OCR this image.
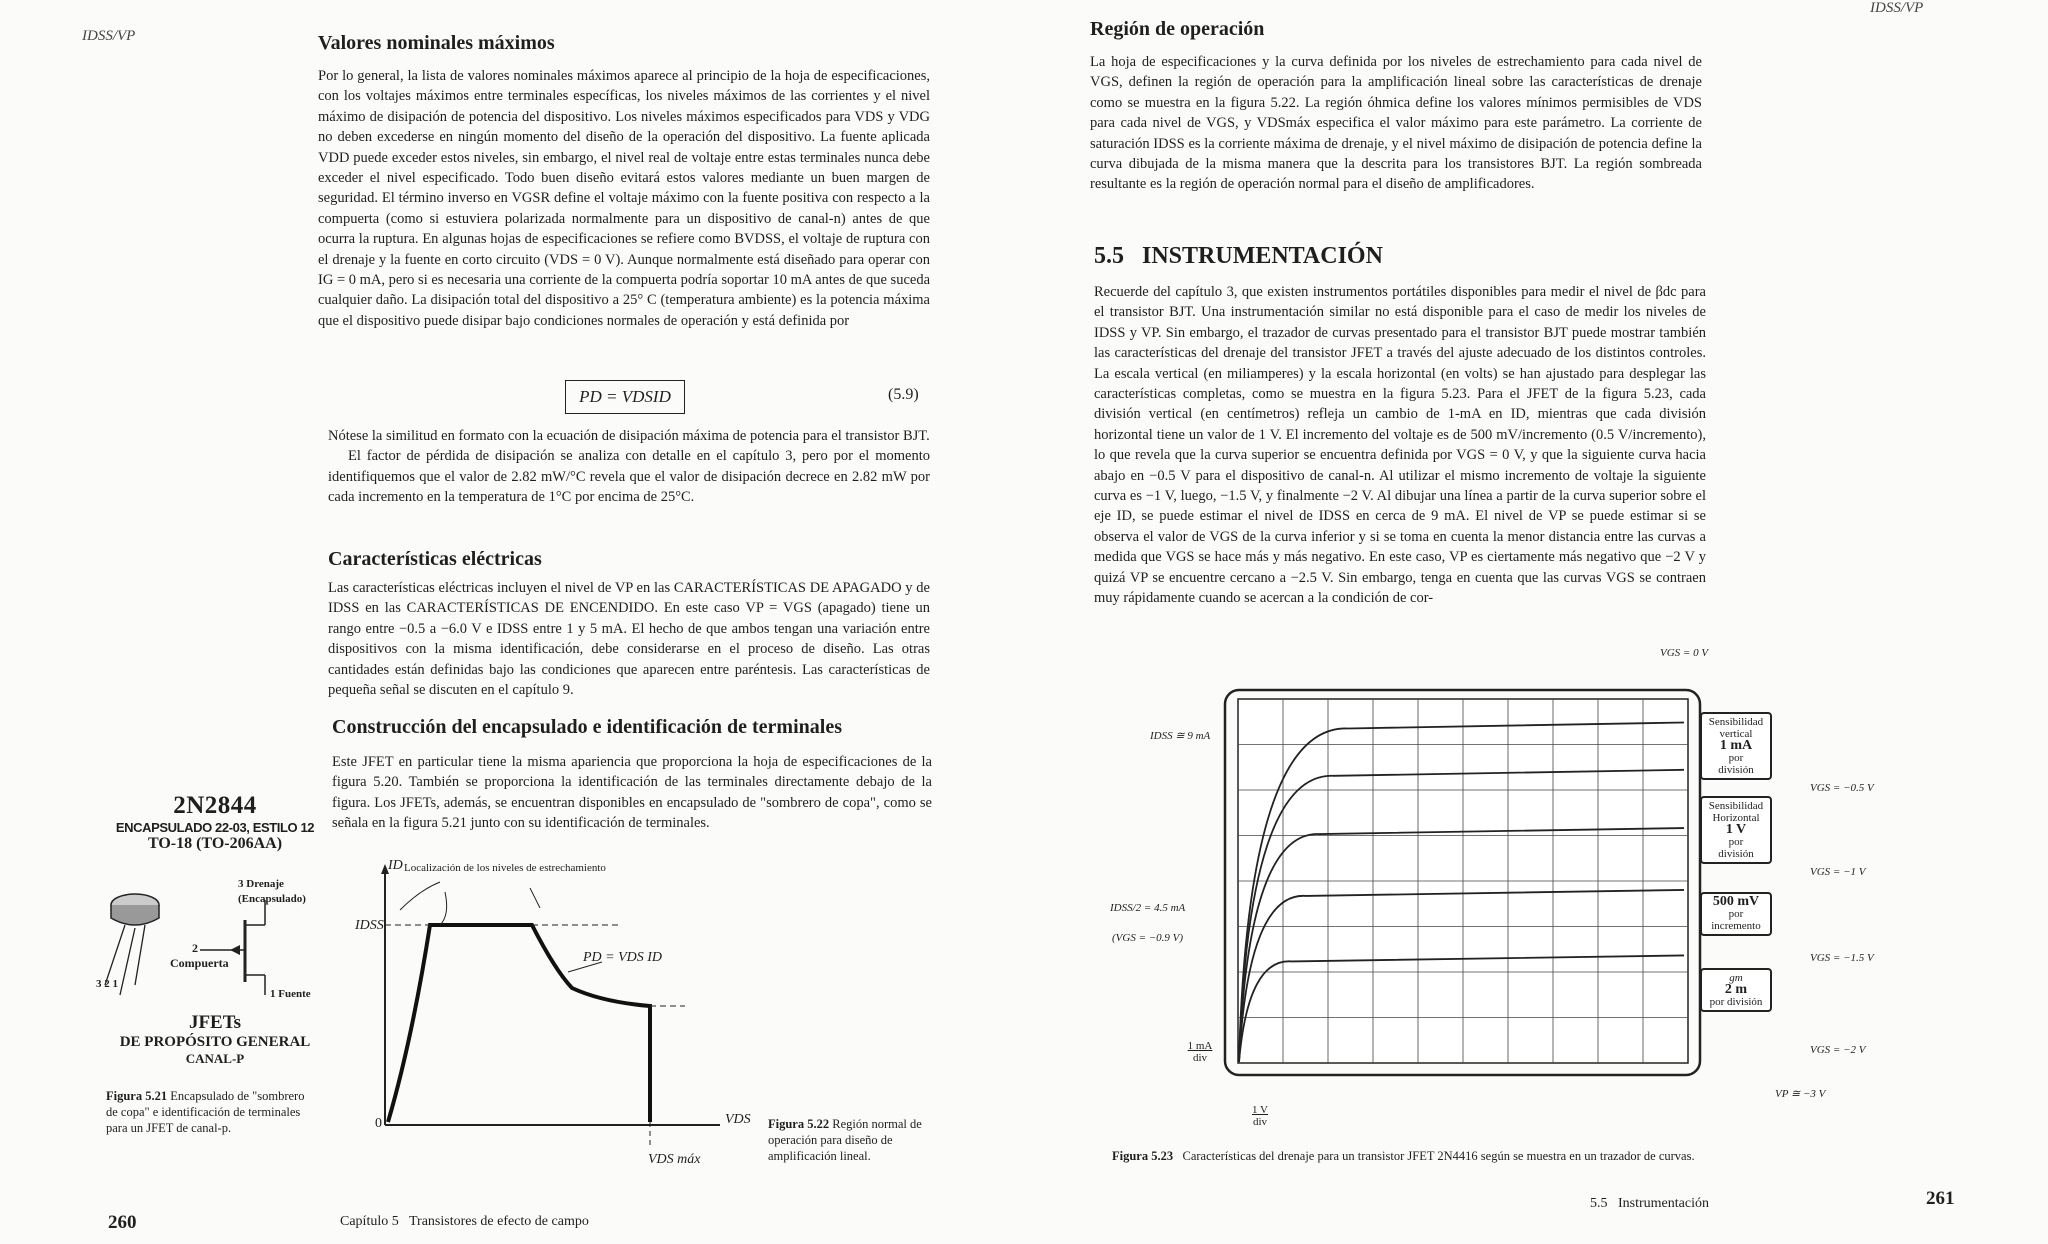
IDSS/VP	Valores nominales máximos

Por lo general, la lista de valores nominales máximos aparece al principio de la hoja de especificaciones, con los voltajes máximos entre terminales específicas, los niveles máximos de las corrientes y el nivel máximo de disipación de potencia del dispositivo. Los niveles máximos especificados para VDS y VDG no deben excederse en ningún momento del diseño de la operación del dispositivo. La fuente aplicada VDD puede exceder estos niveles, sin embargo, el nivel real de voltaje entre estas terminales nunca debe exceder el nivel especificado. Todo buen diseño evitará estos valores mediante un buen margen de seguridad. El término inverso en VGSR define el voltaje máximo con la fuente positiva con respecto a la compuerta (como si estuviera polarizada normalmente para un dispositivo de canal-n) antes de que ocurra la ruptura. En algunas hojas de especificaciones se refiere como BVDSS, el voltaje de ruptura con el drenaje y la fuente en corto circuito (VDS = 0 V). Aunque normalmente está diseñado para operar con IG = 0 mA, pero si es necesaria una corriente de la compuerta podría soportar 10 mA antes de que suceda cualquier daño. La disipación total del dispositivo a 25° C (temperatura ambiente) es la potencia máxima que el dispositivo puede disipar bajo condiciones normales de operación y está definida por

PD = VDSID	(5.9)

Nótese la similitud en formato con la ecuación de disipación máxima de potencia para el transistor BJT.

El factor de pérdida de disipación se analiza con detalle en el capítulo 3, pero por el momento identifiquemos que el valor de 2.82 mW/°C revela que el valor de disipación decrece en 2.82 mW por cada incremento en la temperatura de 1°C por encima de 25°C.

Características eléctricas

Las características eléctricas incluyen el nivel de VP en las CARACTERÍSTICAS DE APAGADO y de IDSS en las CARACTERÍSTICAS DE ENCENDIDO. En este caso VP = VGS (apagado) tiene un rango entre −0.5 a −6.0 V e IDSS entre 1 y 5 mA. El hecho de que ambos tengan una variación entre dispositivos con la misma identificación, debe considerarse en el proceso de diseño. Las otras cantidades están definidas bajo las condiciones que aparecen entre paréntesis. Las características de pequeña señal se discuten en el capítulo 9.

Construcción del encapsulado e identificación de terminales

Este JFET en particular tiene la misma apariencia que proporciona la hoja de especificaciones de la figura 5.20. También se proporciona la identificación de las terminales directamente debajo de la figura. Los JFETs, además, se encuentran disponibles en encapsulado de "sombrero de copa", como se señala en la figura 5.21 junto con su identificación de terminales.

2N2844
ENCAPSULADO 22-03, ESTILO 12
TO-18 (TO-206AA)
3 Drenaje
(Encapsulado)
2
Compuerta
1 Fuente
3 2 1
JFETs
DE PROPÓSITO GENERAL
CANAL-P
Figura 5.21 Encapsulado de "sombrero de copa" e identificación de terminales para un JFET de canal-p.
ID Localización de los niveles de estrechamiento
IDSS
PD = VDS ID
0	VDS
VDS máx
Figura 5.22 Región normal de operación para diseño de amplificación lineal.
260	Capítulo 5   Transistores de efecto de campo
IDSS/VP
Región de operación

La hoja de especificaciones y la curva definida por los niveles de estrechamiento para cada nivel de VGS, definen la región de operación para la amplificación lineal sobre las características de drenaje como se muestra en la figura 5.22. La región óhmica define los valores mínimos permisibles de VDS para cada nivel de VGS, y VDSmáx especifica el valor máximo para este parámetro. La corriente de saturación IDSS es la corriente máxima de drenaje, y el nivel máximo de disipación de potencia define la curva dibujada de la misma manera que la descrita para los transistores BJT. La región sombreada resultante es la región de operación normal para el diseño de amplificadores.

5.5 INSTRUMENTACIÓN

Recuerde del capítulo 3, que existen instrumentos portátiles disponibles para medir el nivel de βdc para el transistor BJT. Una instrumentación similar no está disponible para el caso de medir los niveles de IDSS y VP. Sin embargo, el trazador de curvas presentado para el transistor BJT puede mostrar también las características del drenaje del transistor JFET a través del ajuste adecuado de los distintos controles. La escala vertical (en miliamperes) y la escala horizontal (en volts) se han ajustado para desplegar las características completas, como se muestra en la figura 5.23. Para el JFET de la figura 5.23, cada división vertical (en centímetros) refleja un cambio de 1-mA en ID, mientras que cada división horizontal tiene un valor de 1 V. El incremento del voltaje es de 500 mV/incremento (0.5 V/incremento), lo que revela que la curva superior se encuentra definida por VGS = 0 V, y que la siguiente curva hacia abajo en −0.5 V para el dispositivo de canal-n. Al utilizar el mismo incremento de voltaje la siguiente curva es −1 V, luego, −1.5 V, y finalmente −2 V. Al dibujar una línea a partir de la curva superior sobre el eje ID, se puede estimar el nivel de IDSS en cerca de 9 mA. El nivel de VP se puede estimar si se observa el valor de VGS de la curva inferior y si se toma en cuenta la menor distancia entre las curvas a medida que VGS se hace más y más negativo. En este caso, VP es ciertamente más negativo que −2 V y quizá VP se encuentre cercano a −2.5 V. Sin embargo, tenga en cuenta que las curvas VGS se contraen muy rápidamente cuando se acercan a la condición de cor-

IDSS ≅ 9 mA
IDSS/2 = 4.5 mA
(VGS = −0.9 V)
VGS = 0 V
VGS = −0.5 V
VGS = −1 V
VGS = −1.5 V
VGS = −2 V
VP ≅ −3 V
1 mA
div
1 V
div
Sensibilidad
vertical
1 mA
por
división
Sensibilidad
Horizontal
1 V
por
división
500 mV
por
incremento
gm
2 m
por división
Figura 5.23 Características del drenaje para un transistor JFET 2N4416 según se muestra en un trazador de curvas.
5.5   Instrumentación	261
